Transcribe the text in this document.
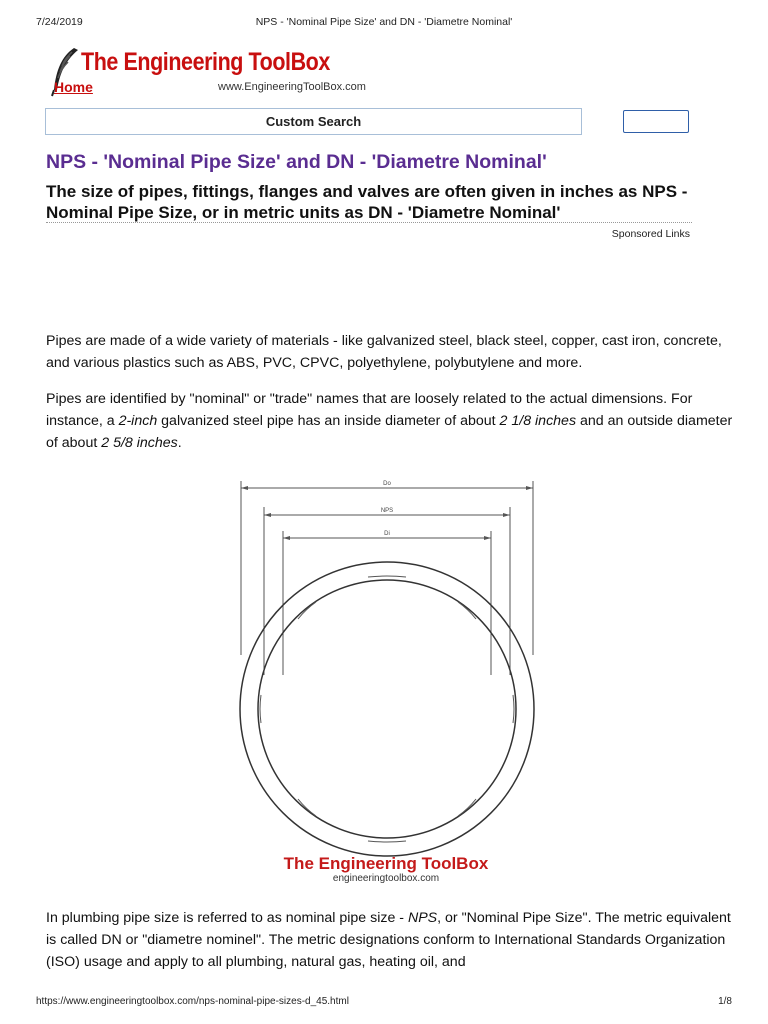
7/24/2019	NPS - 'Nominal Pipe Size' and DN - 'Diametre Nominal'
The Engineering ToolBox
Home	www.EngineeringToolBox.com
Custom Search
NPS - 'Nominal Pipe Size' and DN - 'Diametre Nominal'

The size of pipes, fittings, flanges and valves are often given in inches as NPS - Nominal Pipe Size, or in metric units as DN - 'Diametre Nominal'

Sponsored Links

Pipes are made of a wide variety of materials - like galvanized steel, black steel, copper, cast iron, concrete, and various plastics such as ABS, PVC, CPVC, polyethylene, polybutylene and more.

Pipes are identified by "nominal" or "trade" names that are loosely related to the actual dimensions. For instance, a 2-inch galvanized steel pipe has an inside diameter of about 2 1/8 inches and an outside diameter of about 2 5/8 inches.

Do
NPS
Di
The Engineering ToolBox
engineeringtoolbox.com

In plumbing pipe size is referred to as nominal pipe size - NPS, or "Nominal Pipe Size". The metric equivalent is called DN or "diametre nominel". The metric designations conform to International Standards Organization (ISO) usage and apply to all plumbing, natural gas, heating oil, and

https://www.engineeringtoolbox.com/nps-nominal-pipe-sizes-d_45.html	1/8
